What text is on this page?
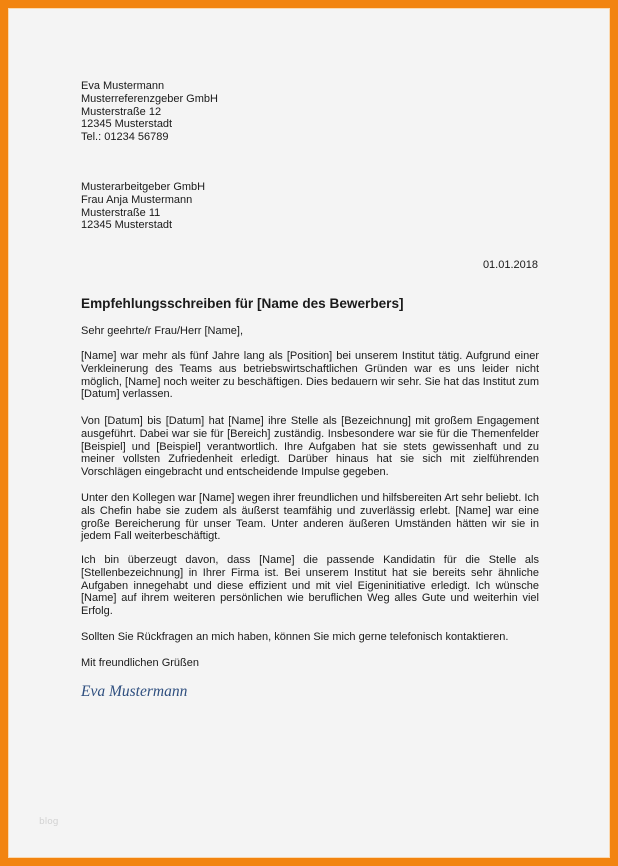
Eva Mustermann
Musterreferenzgeber GmbH
Musterstraße 12
12345 Musterstadt
Tel.: 01234 56789
Musterarbeitgeber GmbH
Frau Anja Mustermann
Musterstraße 11
12345 Musterstadt
01.01.2018
Empfehlungsschreiben für [Name des Bewerbers]
Sehr geehrte/r Frau/Herr [Name],
[Name] war mehr als fünf Jahre lang als [Position] bei unserem Institut tätig. Aufgrund einer Verkleinerung des Teams aus betriebswirtschaftlichen Gründen war es uns leider nicht möglich, [Name] noch weiter zu beschäftigen. Dies bedauern wir sehr. Sie hat das Institut zum [Datum] verlassen.
Von [Datum] bis [Datum] hat [Name] ihre Stelle als [Bezeichnung] mit großem Engagement ausgeführt. Dabei war sie für [Bereich] zuständig. Insbesondere war sie für die Themenfelder [Beispiel] und [Beispiel] verantwortlich. Ihre Aufgaben hat sie stets gewissenhaft und zu meiner vollsten Zufriedenheit erledigt. Darüber hinaus hat sie sich mit zielführenden Vorschlägen eingebracht und entscheidende Impulse gegeben.
Unter den Kollegen war [Name] wegen ihrer freundlichen und hilfsbereiten Art sehr beliebt. Ich als Chefin habe sie zudem als äußerst teamfähig und zuverlässig erlebt. [Name] war eine große Bereicherung für unser Team. Unter anderen äußeren Umständen hätten wir sie in jedem Fall weiterbeschäftigt.
Ich bin überzeugt davon, dass [Name] die passende Kandidatin für die Stelle als [Stellenbezeichnung] in Ihrer Firma ist. Bei unserem Institut hat sie bereits sehr ähnliche Aufgaben innegehabt und diese effizient und mit viel Eigeninitiative erledigt. Ich wünsche [Name] auf ihrem weiteren persönlichen wie beruflichen Weg alles Gute und weiterhin viel Erfolg.
Sollten Sie Rückfragen an mich haben, können Sie mich gerne telefonisch kontaktieren.
Mit freundlichen Grüßen
Eva Mustermann
blog
